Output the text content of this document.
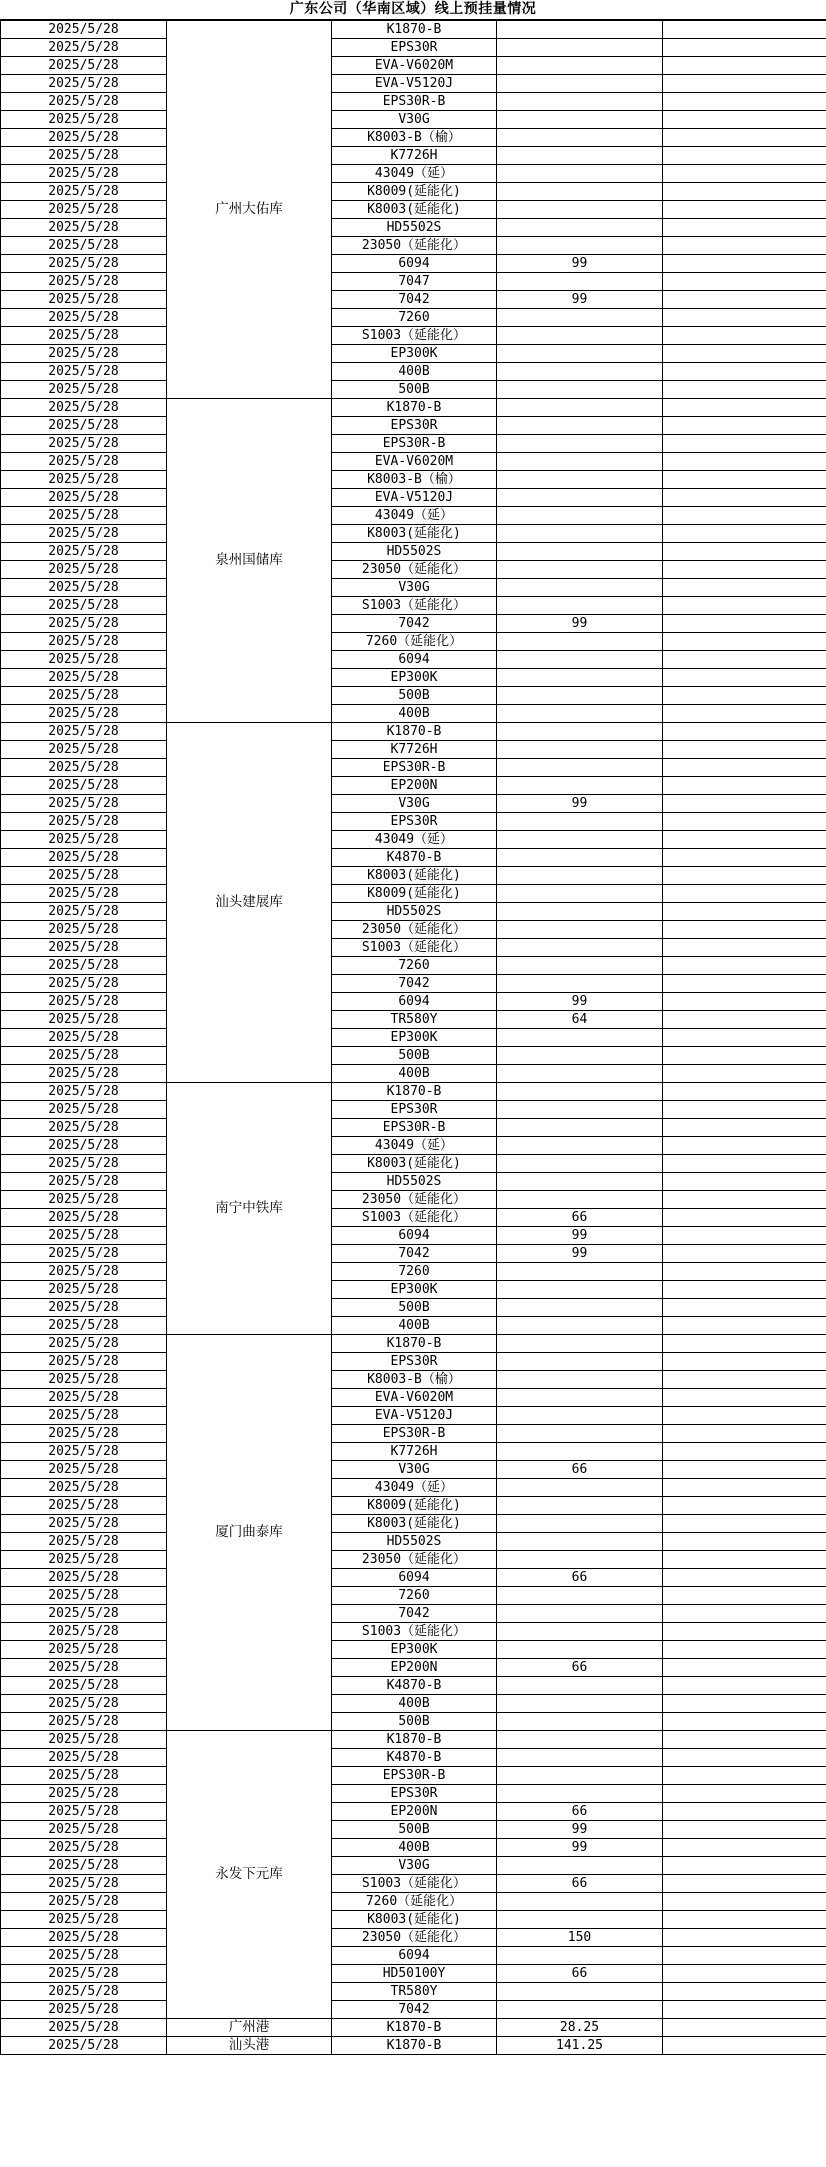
广东公司（华南区域）线上预挂量情况
2025/5/28	广州大佑库	K1870-B		
2025/5/28		EPS30R		
2025/5/28		EVA-V6020M		
2025/5/28		EVA-V5120J		
2025/5/28		EPS30R-B		
2025/5/28		V30G		
2025/5/28		K8003-B（榆）		
2025/5/28		K7726H		
2025/5/28		43049（延）		
2025/5/28		K8009(延能化)		
2025/5/28		K8003(延能化)		
2025/5/28		HD5502S		
2025/5/28		23050（延能化）		
2025/5/28		6094	99	
2025/5/28		7047		
2025/5/28		7042	99	
2025/5/28		7260		
2025/5/28		S1003（延能化）		
2025/5/28		EP300K		
2025/5/28		400B		
2025/5/28		500B		
2025/5/28	泉州国储库	K1870-B		
2025/5/28		EPS30R		
2025/5/28		EPS30R-B		
2025/5/28		EVA-V6020M		
2025/5/28		K8003-B（榆）		
2025/5/28		EVA-V5120J		
2025/5/28		43049（延）		
2025/5/28		K8003(延能化)		
2025/5/28		HD5502S		
2025/5/28		23050（延能化）		
2025/5/28		V30G		
2025/5/28		S1003（延能化）		
2025/5/28		7042	99	
2025/5/28		7260（延能化）		
2025/5/28		6094		
2025/5/28		EP300K		
2025/5/28		500B		
2025/5/28		400B		
2025/5/28	汕头建展库	K1870-B		
2025/5/28		K7726H		
2025/5/28		EPS30R-B		
2025/5/28		EP200N		
2025/5/28		V30G	99	
2025/5/28		EPS30R		
2025/5/28		43049（延）		
2025/5/28		K4870-B		
2025/5/28		K8003(延能化)		
2025/5/28		K8009(延能化)		
2025/5/28		HD5502S		
2025/5/28		23050（延能化）		
2025/5/28		S1003（延能化）		
2025/5/28		7260		
2025/5/28		7042		
2025/5/28		6094	99	
2025/5/28		TR580Y	64	
2025/5/28		EP300K		
2025/5/28		500B		
2025/5/28		400B		
2025/5/28	南宁中铁库	K1870-B		
2025/5/28		EPS30R		
2025/5/28		EPS30R-B		
2025/5/28		43049（延）		
2025/5/28		K8003(延能化)		
2025/5/28		HD5502S		
2025/5/28		23050（延能化）		
2025/5/28		S1003（延能化）	66	
2025/5/28		6094	99	
2025/5/28		7042	99	
2025/5/28		7260		
2025/5/28		EP300K		
2025/5/28		500B		
2025/5/28		400B		
2025/5/28	厦门曲泰库	K1870-B		
2025/5/28		EPS30R		
2025/5/28		K8003-B（榆）		
2025/5/28		EVA-V6020M		
2025/5/28		EVA-V5120J		
2025/5/28		EPS30R-B		
2025/5/28		K7726H		
2025/5/28		V30G	66	
2025/5/28		43049（延）		
2025/5/28		K8009(延能化)		
2025/5/28		K8003(延能化)		
2025/5/28		HD5502S		
2025/5/28		23050（延能化）		
2025/5/28		6094	66	
2025/5/28		7260		
2025/5/28		7042		
2025/5/28		S1003（延能化）		
2025/5/28		EP300K		
2025/5/28		EP200N	66	
2025/5/28		K4870-B		
2025/5/28		400B		
2025/5/28		500B		
2025/5/28	永发下元库	K1870-B		
2025/5/28		K4870-B		
2025/5/28		EPS30R-B		
2025/5/28		EPS30R		
2025/5/28		EP200N	66	
2025/5/28		500B	99	
2025/5/28		400B	99	
2025/5/28		V30G		
2025/5/28		S1003（延能化）	66	
2025/5/28		7260（延能化）		
2025/5/28		K8003(延能化)		
2025/5/28		23050（延能化）	150	
2025/5/28		6094		
2025/5/28		HD50100Y	66	
2025/5/28		TR580Y		
2025/5/28		7042		
2025/5/28	广州港	K1870-B	28.25	
2025/5/28	汕头港	K1870-B	141.25	
